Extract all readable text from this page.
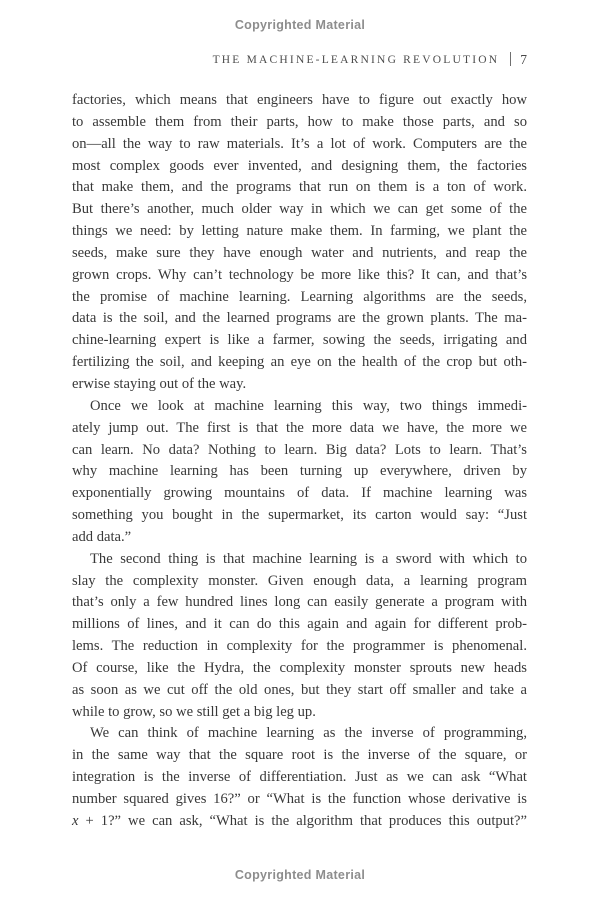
Copyrighted Material
THE MACHINE-LEARNING REVOLUTION 7
factories, which means that engineers have to figure out exactly how
to assemble them from their parts, how to make those parts, and so
on—all the way to raw materials. It’s a lot of work. Computers are the
most complex goods ever invented, and designing them, the factories
that make them, and the programs that run on them is a ton of work.
But there’s another, much older way in which we can get some of the
things we need: by letting nature make them. In farming, we plant the
seeds, make sure they have enough water and nutrients, and reap the
grown crops. Why can’t technology be more like this? It can, and that’s
the promise of machine learning. Learning algorithms are the seeds,
data is the soil, and the learned programs are the grown plants. The ma-
chine-learning expert is like a farmer, sowing the seeds, irrigating and
fertilizing the soil, and keeping an eye on the health of the crop but oth-
erwise staying out of the way.
Once we look at machine learning this way, two things immedi-
ately jump out. The first is that the more data we have, the more we
can learn. No data? Nothing to learn. Big data? Lots to learn. That’s
why machine learning has been turning up everywhere, driven by
exponentially growing mountains of data. If machine learning was
something you bought in the supermarket, its carton would say: “Just
add data.”
The second thing is that machine learning is a sword with which to
slay the complexity monster. Given enough data, a learning program
that’s only a few hundred lines long can easily generate a program with
millions of lines, and it can do this again and again for different prob-
lems. The reduction in complexity for the programmer is phenomenal.
Of course, like the Hydra, the complexity monster sprouts new heads
as soon as we cut off the old ones, but they start off smaller and take a
while to grow, so we still get a big leg up.
We can think of machine learning as the inverse of programming,
in the same way that the square root is the inverse of the square, or
integration is the inverse of differentiation. Just as we can ask “What
number squared gives 16?” or “What is the function whose derivative is
x + 1?” we can ask, “What is the algorithm that produces this output?”
Copyrighted Material
